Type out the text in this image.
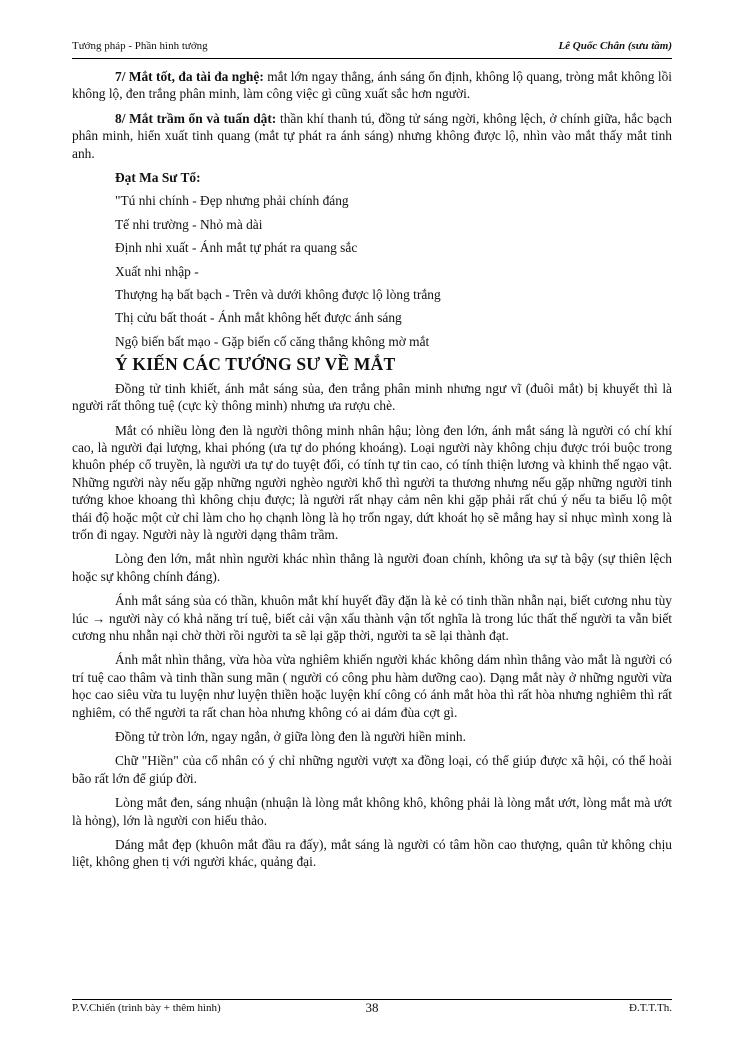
Tướng pháp - Phần hình tướng	Lê Quốc Chân (sưu tầm)

7/ Mắt tốt, đa tài đa nghệ: mắt lớn ngay thẳng, ánh sáng ổn định, không lộ quang, tròng mắt không lồi không lộ, đen trắng phân minh, làm công việc gì cũng xuất sắc hơn người.

8/ Mắt trầm ổn và tuấn dật: thần khí thanh tú, đồng tử sáng ngời, không lệch, ở chính giữa, hắc bạch phân minh, hiển xuất tinh quang (mắt tự phát ra ánh sáng) nhưng không được lộ, nhìn vào mắt thấy mắt tinh anh.

Đạt Ma Sư Tổ:
"Tú nhi chính - Đẹp nhưng phải chính đáng
Tế nhi trường - Nhỏ mà dài
Định nhi xuất - Ánh mắt tự phát ra quang sắc
Xuất nhi nhập -
Thượng hạ bất bạch - Trên và dưới không được lộ lòng trắng
Thị cửu bất thoát - Ánh mắt không hết được ánh sáng
Ngộ biến bất mạo - Gặp biến cố căng thẳng không mờ mắt
Ý KIẾN CÁC TƯỚNG SƯ VỀ MẮT

Đồng tử tinh khiết, ánh mắt sáng sủa, đen trắng phân minh nhưng ngư vĩ (đuôi mắt) bị khuyết thì là người rất thông tuệ (cực kỳ thông minh) nhưng ưa rượu chè.

Mắt có nhiều lòng đen là người thông minh nhân hậu; lòng đen lớn, ánh mắt sáng là người có chí khí cao, là người đại lượng, khai phóng (ưa tự do phóng khoáng). Loại người này không chịu được trói buộc trong khuôn phép cổ truyền, là người ưa tự do tuyệt đối, có tính tự tin cao, có tính thiện lương và khinh thế ngạo vật. Những người này nếu gặp những người nghèo người khổ thì người ta thương nhưng nếu gặp những người tinh tướng khoe khoang thì không chịu được; là người rất nhạy cảm nên khi gặp phải rất chú ý nếu ta biểu lộ một thái độ hoặc một cử chỉ làm cho họ chạnh lòng là họ trốn ngay, dứt khoát họ sẽ mắng hay sỉ nhục mình xong là trốn đi ngay. Người này là người dạng thâm trầm.

Lòng đen lớn, mắt nhìn người khác nhìn thẳng là người đoan chính, không ưa sự tà bậy (sự thiên lệch hoặc sự không chính đáng).

Ánh mắt sáng sủa có thần, khuôn mắt khí huyết đầy đặn là kẻ có tinh thần nhẫn nại, biết cương nhu tùy lúc → người này có khả năng trí tuệ, biết cải vận xấu thành vận tốt nghĩa là trong lúc thất thế người ta vẫn biết cương nhu nhẫn nại chờ thời rồi người ta sẽ lại gặp thời, người ta sẽ lại thành đạt.

Ánh mắt nhìn thẳng, vừa hòa vừa nghiêm khiến người khác không dám nhìn thẳng vào mắt là người có trí tuệ cao thâm và tinh thần sung mãn ( người có công phu hàm dưỡng cao). Dạng mắt này ở những người vừa học cao siêu vừa tu luyện như luyện thiền hoặc luyện khí công có ánh mắt hòa thì rất hòa nhưng nghiêm thì rất nghiêm, có thể người ta rất chan hòa nhưng không có ai dám đùa cợt gì.

Đồng tử tròn lớn, ngay ngắn, ở giữa lòng đen là người hiền minh.

Chữ "Hiền" của cổ nhân có ý chỉ những người vượt xa đồng loại, có thể giúp được xã hội, có thể hoài bão rất lớn để giúp đời.

Lòng mắt đen, sáng nhuận (nhuận là lòng mắt không khô, không phải là lòng mắt ướt, lòng mắt mà ướt là hỏng), lớn là người con hiếu thảo.

Dáng mắt đẹp (khuôn mắt đầu ra đấy), mắt sáng là người có tâm hồn cao thượng, quân tử không chịu liệt, không ghen tị với người khác, quảng đại.

P.V.Chiến (trình bày + thêm hình)	38	Đ.T.T.Th.
